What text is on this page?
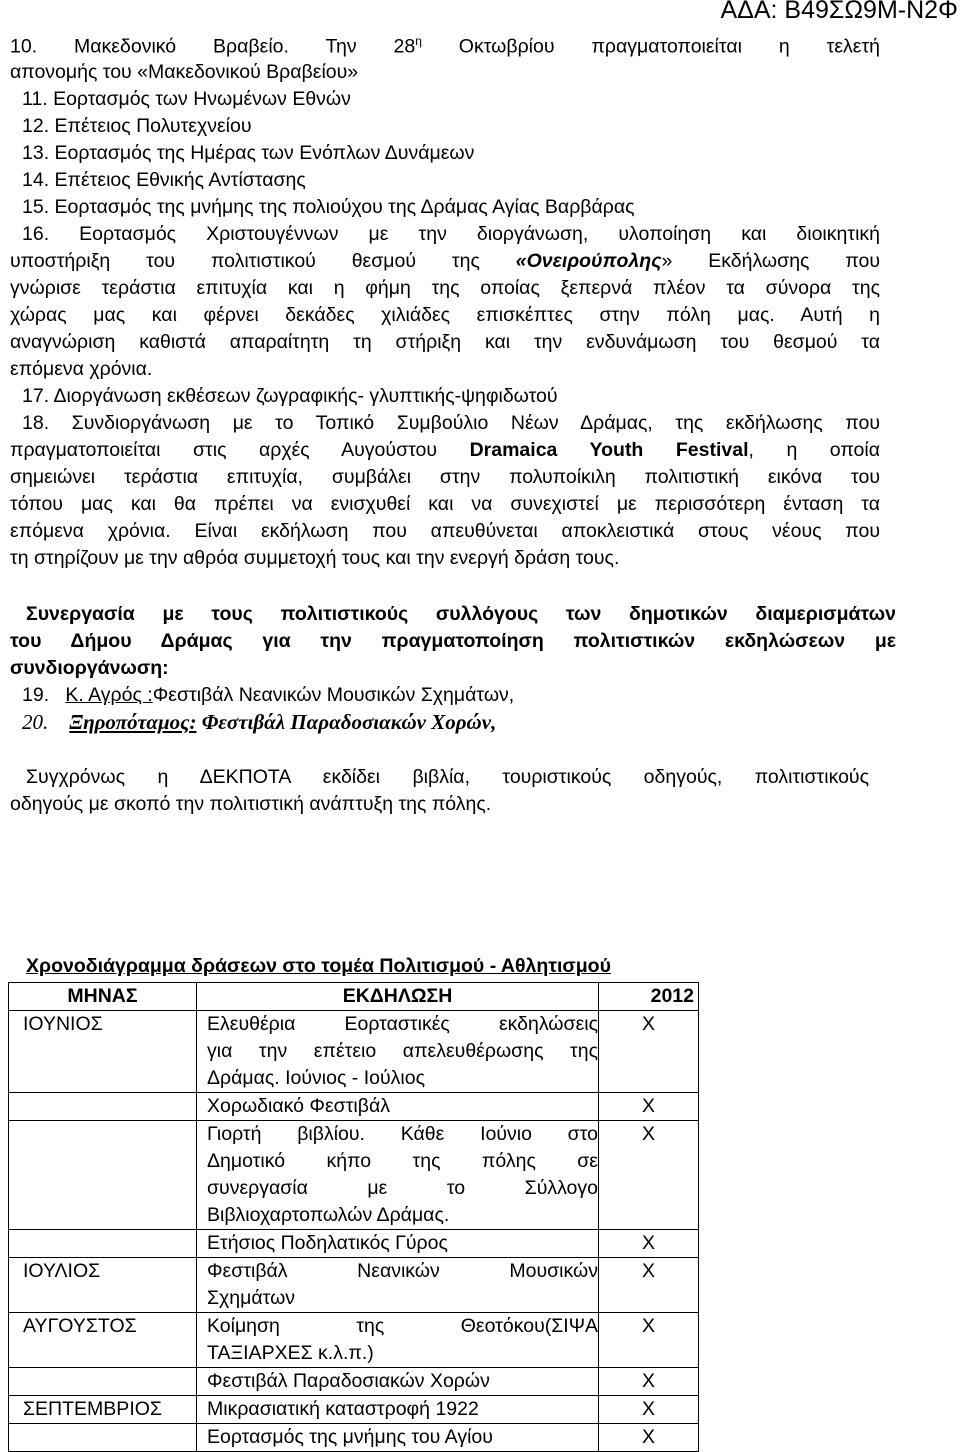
ΑΔΑ: Β49ΣΩ9Μ-Ν2Φ
10. Μακεδονικό Βραβείο. Την $28^\eta$ Οκτωβρίου πραγματοποιείται η τελετή
απονομής του «Μακεδονικού Βραβείου»
11. Εορτασμός των Ηνωμένων Εθνών
12. Επέτειος Πολυτεχνείου
13. Εορτασμός της Ημέρας των Ενόπλων Δυνάμεων
14. Επέτειος Εθνικής Αντίστασης
15. Εορτασμός της μνήμης της πολιούχου της Δράμας Αγίας Βαρβάρας
16. Εορτασμός Χριστουγέννων με την διοργάνωση, υλοποίηση και διοικητική
υποστήριξη του πολιτιστικού θεσμού της «Ονειρούπολης» Εκδήλωσης που
γνώρισε τεράστια επιτυχία και η φήμη της οποίας ξεπερνά πλέον τα σύνορα της
χώρας μας και φέρνει δεκάδες χιλιάδες επισκέπτες στην πόλη μας. Αυτή η
αναγνώριση καθιστά απαραίτητη τη στήριξη και την ενδυνάμωση του θεσμού τα
επόμενα χρόνια.
17. Διοργάνωση εκθέσεων ζωγραφικής- γλυπτικής-ψηφιδωτού
18. Συνδιοργάνωση με το Τοπικό Συμβούλιο Νέων Δράμας, της εκδήλωσης που
πραγματοποιείται στις αρχές Αυγούστου Dramaica Youth Festival, η οποία
σημειώνει τεράστια επιτυχία, συμβάλει στην πολυποίκιλη πολιτιστική εικόνα του
τόπου μας και θα πρέπει να ενισχυθεί και να συνεχιστεί με περισσότερη ένταση τα
επόμενα χρόνια. Είναι εκδήλωση που απευθύνεται αποκλειστικά στους νέους που
τη στηρίζουν με την αθρόα συμμετοχή τους και την ενεργή δράση τους.
Συνεργασία με τους πολιτιστικούς συλλόγους των δημοτικών διαμερισμάτων
του Δήμου Δράμας για την πραγματοποίηση πολιτιστικών εκδηλώσεων με
συνδιοργάνωση:
19. Κ. Αγρός :Φεστιβάλ Νεανικών Μουσικών Σχημάτων,
20. Ξηροπόταμος: Φεστιβάλ Παραδοσιακών Χορών,
Συγχρόνως η ΔΕΚΠΟΤΑ εκδίδει βιβλία, τουριστικούς οδηγούς, πολιτιστικούς
οδηγούς με σκοπό την πολιτιστική ανάπτυξη της πόλης.
Χρονοδιάγραμμα δράσεων στο τομέα Πολιτισμού - Αθλητισμού
ΜΗΝΑΣ	ΕΚΔΗΛΩΣΗ	2012
ΙΟΥΝΙΟΣ	Ελευθέρια Εορταστικές εκδηλώσεις
για την επέτειο απελευθέρωσης της
Δράμας. Ιούνιος - Ιούλιος	Χ

	Χορωδιακό Φεστιβάλ	Χ

	Γιορτή βιβλίου. Κάθε Ιούνιο στο
Δημοτικό κήπο της πόλης σε
συνεργασία με το Σύλλογο
Βιβλιοχαρτοπωλών Δράμας.	Χ

	Ετήσιος Ποδηλατικός Γύρος	Χ
ΙΟΥΛΙΟΣ	Φεστιβάλ Νεανικών Μουσικών
Σχημάτων	Χ
ΑΥΓΟΥΣΤΟΣ	Κοίμηση της Θεοτόκου(ΣΙΨΑ
ΤΑΞΙΑΡΧΕΣ κ.λ.π.)	Χ

	Φεστιβάλ Παραδοσιακών Χορών	Χ
ΣΕΠΤΕΜΒΡΙΟΣ	Μικρασιατική καταστροφή 1922	Χ

	Εορτασμός της μνήμης του Αγίου	Χ
